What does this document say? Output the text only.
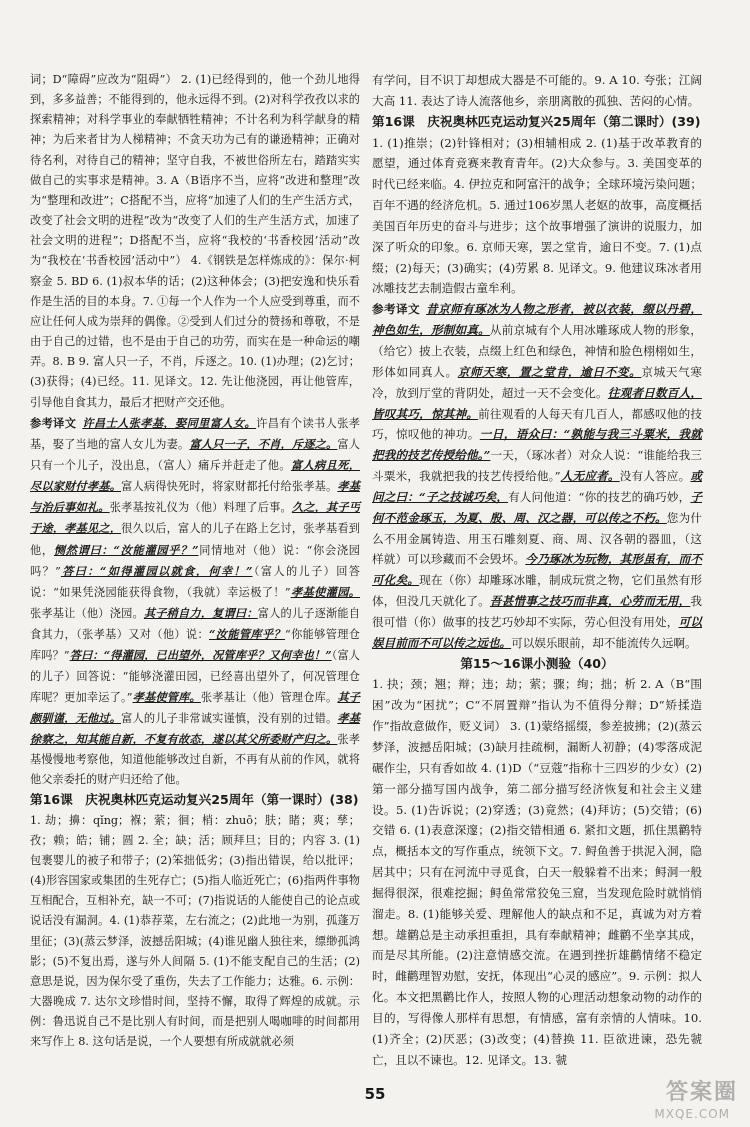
词；D“障碍”应改为“阻碍”） 2. (1)已经得到的，他一个劲儿地得到，多多益善；不能得到的，他永远得不到。(2)对科学孜孜以求的探索精神；对科学事业的奉献牺牲精神；不计名利为科学献身的精神；为后来者甘为人梯精神；不贪天功为己有的谦逊精神；正确对待名利，对待自己的精神；坚守自我，不被世俗所左右，踏踏实实做自己的实事求是精神。3. A（B语序不当，应将“改进和整理”改为“整理和改进”；C搭配不当，应将“加速了人们的生产生活方式，改变了社会文明的进程”改为“改变了人们的生产生活方式，加速了社会文明的进程”；D搭配不当，应将“我校的‘书香校园’活动”改为“我校在‘书香校园’活动中”） 4.《钢铁是怎样炼成的》：保尔·柯察金 5. BD 6. (1)叔本华的话；(2)这种体会；(3)把安逸和快乐看作是生活的目的本身。7. ①每一个人作为一个人应受到尊重，而不应让任何人成为崇拜的偶像。②受到人们过分的赞扬和尊敬，不是由于自己的过错，也不是由于自己的功劳，而实在是一种命运的嘲弄。8. B 9. 富人只一子，不肖，斥逐之。10. (1)办理；(2)乞讨；(3)获得；(4)已经。11. 见译文。12. 先让他浇园，再让他管库，引导他自食其力，最后才把财产交还他。

参考译文 许昌士人张孝基，娶同里富人女。许昌有个读书人张孝基，娶了当地的富人女儿为妻。富人只一子，不肖，斥逐之。富人只有一个儿子，没出息，（富人）痛斥并赶走了他。富人病且死，尽以家财付孝基。富人病得快死时，将家财都托付给张孝基。孝基与治后事如礼。张孝基按礼仪为（他）料理了后事。久之，其子丐于途，孝基见之，很久以后，富人的儿子在路上乞讨，张孝基看到他，恻然谓曰：“汝能灌园乎？”同情地对（他）说：“你会浇园吗？”答曰：“如得灌园以就食，何幸！”（富人的儿子）回答说：“如果凭浇园能获得食物，（我就）幸运极了！”孝基使灌园。张孝基让（他）浇园。其子稍自力，复谓曰：富人的儿子逐渐能自食其力，（张孝基）又对（他）说：“汝能管库乎？“你能够管理仓库吗？”答曰：“得灌园，已出望外，况管库乎？又何幸也！”（富人的儿子）回答说：“能够浇灌田园，已经喜出望外了，何况管理仓库呢？更加幸运了。”孝基使管库。张孝基让（他）管理仓库。其子颇驯谨，无他过。富人的儿子非常诚实谨慎，没有别的过错。孝基徐察之，知其能自新，不复有故态，遂以其父所委财产归之。张孝基慢慢地考察他，知道他能够改过自新，不再有从前的作风，就将他父亲委托的财产归还给了他。

第16课　庆祝奥林匹克运动复兴25周年（第一课时）(38)

1. 劫；擤：qǐng；褓；萦；徊；梢：zhuō；肤；睹；爽；孳；孜；赖；皓；铺；圆 2. 全；缺；活；顾拜旦；目的；内容 3. (1)包裹婴儿的被子和带子；(2)笨拙低劣；(3)指出错误，给以批评；(4)形容国家或集团的生死存亡；(5)指人临近死亡；(6)指两件事物互相配合，互相补充，缺一不可；(7)指说话的人能使自己的论点或说话没有漏洞。4. (1)恭荐菜，左右流之；(2)此地一为别，孤蓬万里征；(3)(蒸云梦泽，波撼岳阳城；(4)谁见幽人独往来，缥缈孤鸿影；(5)不复出焉，遂与外人间隔 5. (1)不能支配自己的生活；(2)意思是说，因为保尔受了重伤，失去了工作能力；达雅。6. 示例：大器晚成 7. 达尔文珍惜时间，坚持不懈，取得了辉煌的成就。示例：鲁迅说自己不是比别人有时间，而是把别人喝咖啡的时间都用来写作上 8. 这句话是说，一个人要想有所成就就必须

有学问，目不识丁却想成大器是不可能的。9. A 10. 夸张；江阔大高 11. 表达了诗人流落他乡，亲朋离散的孤独、苦闷的心情。

第16课　庆祝奥林匹克运动复兴25周年（第二课时）(39)

1. (1)推崇；(2)针锋相对；(3)相辅相成 2. (1)基于改革教育的愿望，通过体育竞赛来教育青年。(2)大众参与。3. 美国变革的时代已经来临。4. 伊拉克和阿富汗的战争；全球环境污染问题；百年不遇的经济危机。5. 通过106岁黑人老妪的故事，高度概括美国百年历史的奋斗与进步；这个故事增强了演讲的说服力，加深了听众的印象。6. 京师天寒，罢之堂肯，逾日不变。7. (1)点缀；(2)每天；(3)确实；(4)劳累 8. 见译文。9. 他建议珠冰者用冰雕技艺去制造假古童牟利。

参考译文 昔京师有琢冰为人物之形者，被以衣装，缀以丹碧，神色如生，形制如真。从前京城有个人用冰雕琢成人物的形象，（给它）披上衣装，点缀上红色和绿色，神情和脸色栩栩如生，形体如同真人。京师天寒，置之堂肯，逾日不变。京城天气寒冷，放到厅堂的背阴处，超过一天不会变化。往观者日数百人，皆叹其巧，惊其神。前往观看的人每天有几百人，都感叹他的技巧，惊叹他的神功。一日，语众曰：“孰能与我三斗粟米，我就把我的技艺传授给他。”一天，（琢冰者）对众人说：“谁能给我三斗粟米，我就把我的技艺传授给他。”人无应者。没有人答应。或问之曰：“子之技诚巧矣，有人问他道：“你的技艺的确巧妙，子何不范金琢玉，为夏、殷、周、汉之器，可以传之不朽。您为什么不用金属铸造、用玉石雕刻夏、商、周、汉各朝的器皿，（这样就）可以珍藏而不会毁坏。今乃琢冰为玩物，其形虽有，而不可化矣。现在（你）却雕琢冰雕，制成玩赏之物，它们虽然有形体，但没几天就化了。吾甚惜事之技巧而非真，心劳而无用，我很可惜（你）做事的技艺巧妙却不实际，劳心但没有用处，可以娱目前而不可以传之远也。可以娱乐眼前，却不能流传久远啊。

第15～16课小测验（40）

1. 抉；颈；翘；辩；违；劫；萦；骤；绚；拙；析 2. A（B“围困”改为“困扰”；C“不屑置辩”指认为不值得分辩；D“矫揉造作”指故意做作，贬义词） 3. (1)蒙络摇缀，参差披拂；(2)(蒸云梦泽，波撼岳阳城；(3)缺月挂疏桐，漏断人初静；(4)零落成泥碾作尘，只有香如故 4. (1)D（“豆蔻”指称十三四岁的少女）(2)第一部分描写国内战争，第二部分描写经济恢复和社会主义建设。5. (1)告诉说；(2)穿透；(3)竟然；(4)拜访；(5)交错；(6)交错 6. (1)表意深邃；(2)指交错相通 6. 紧扣文题，抓住黑鹳特点，概括本文的写作重点，统领下文。7. 鲟鱼善于拱泥入洞，隐居其中；只有在河流中寻觅食，白天一般躲着不出来；鲟洞一般掘得很深，很难挖掘；鲟鱼常常狡兔三窟，当发现危险时就悄悄溜走。8. (1)能够关爱、理解他人的缺点和不足，真诚为对方着想。雄鹳总是主动承担重担，具有奉献精神；雌鹳不坐享其成，而是尽其所能。(2)注意情感交流。在遇到挫折雄鹳情绪不稳定时，雌鹳理智劝慰，安抚，体现出“心灵的感应”。9. 示例：拟人化。本文把黑鹳比作人，按照人物的心理活动想象动物的动作的目的，写得像人那样有思想，有情感，富有亲情的人情味。10. (1)齐全；(2)厌恶；(3)改变；(4)替换 11. 臣欲进谏，恐先虢亡，且以不谏也。12. 见译文。13. 虢

55	答案圈
MXQE.COM
